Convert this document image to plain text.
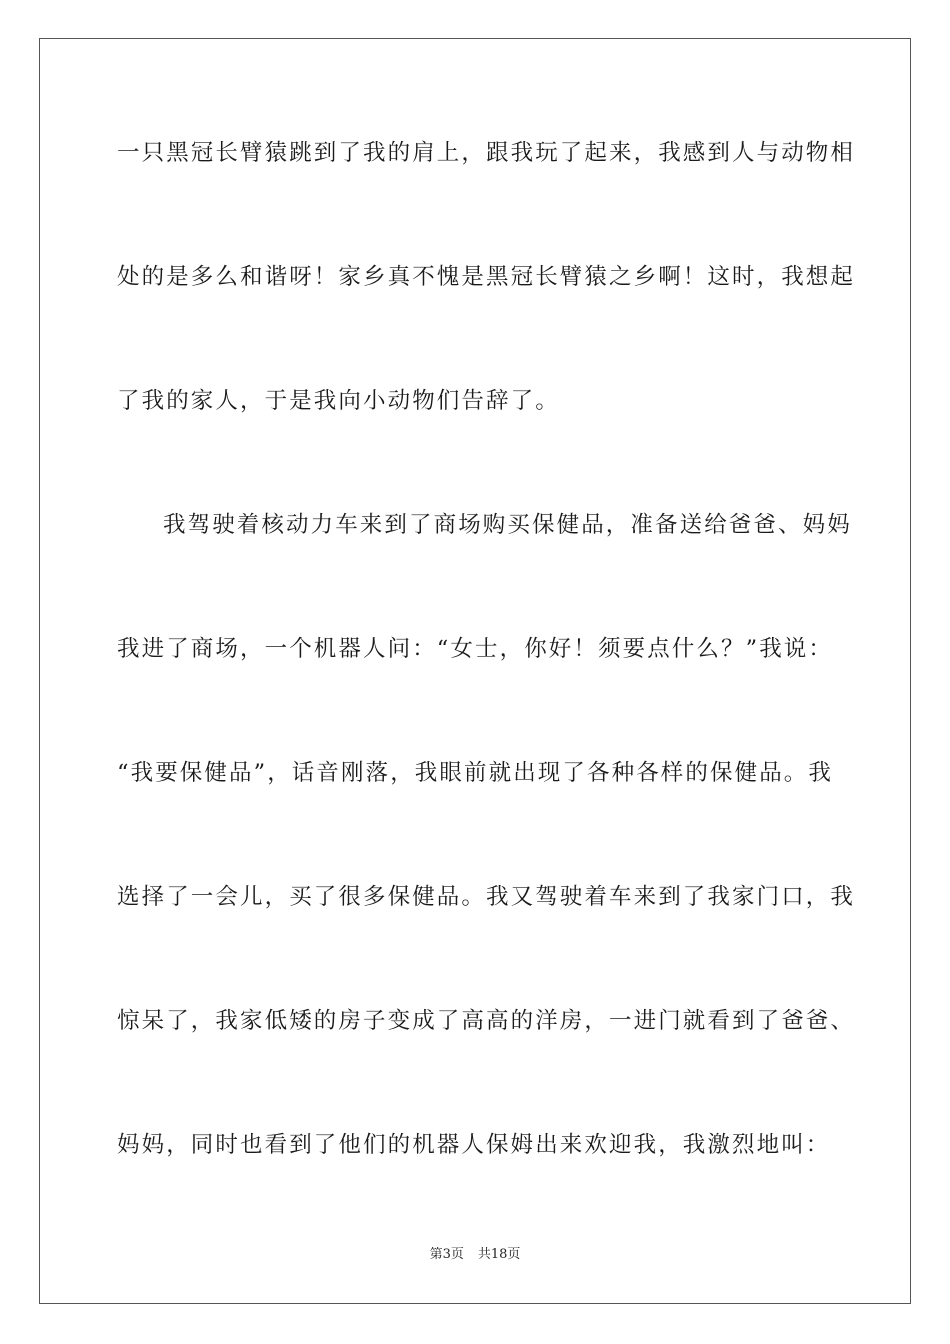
一只黑冠长臂猿跳到了我的肩上，跟我玩了起来，我感到人与动物相
处的是多么和谐呀！家乡真不愧是黑冠长臂猿之乡啊！这时，我想起
了我的家人，于是我向小动物们告辞了。
我驾驶着核动力车来到了商场购买保健品，准备送给爸爸、妈妈
我进了商场，一个机器人问：“女士，你好！须要点什么？”我说：
“我要保健品”，话音刚落，我眼前就出现了各种各样的保健品。我
选择了一会儿，买了很多保健品。我又驾驶着车来到了我家门口，我
惊呆了，我家低矮的房子变成了高高的洋房，一进门就看到了爸爸、
妈妈，同时也看到了他们的机器人保姆出来欢迎我，我激烈地叫：
第3页 共18页
